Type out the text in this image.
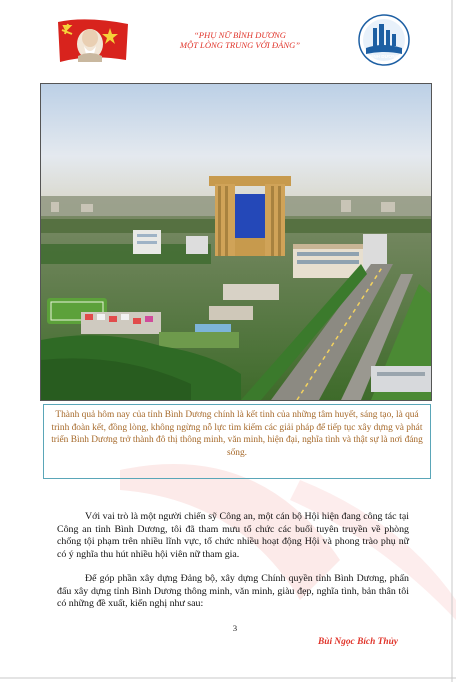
“PHỤ NỮ BÌNH DƯƠNG
MỘT LÒNG TRUNG VỚI ĐẢNG”
BÌNH DƯƠNG
Thành quả hôm nay của tỉnh Bình Dương chính là kết tinh của những tâm huyết, sáng tạo, là quá trình đoàn kết, đồng lòng, không ngừng nỗ lực tìm kiếm các giải pháp để tiếp tục xây dựng và phát triển Bình Dương trở thành đô thị thông minh, văn minh, hiện đại, nghĩa tình và thật sự là nơi đáng sống.
Với vai trò là một người chiến sỹ Công an, một cán bộ Hội hiện đang công tác tại Công an tỉnh Bình Dương, tôi đã tham mưu tổ chức các buổi tuyên truyền về phòng chống tội phạm trên nhiều lĩnh vực, tổ chức nhiều hoạt động Hội và phong trào phụ nữ có ý nghĩa thu hút nhiều hội viên nữ tham gia.
Để góp phần xây dựng Đảng bộ, xây dựng Chính quyền tỉnh Bình Dương, phấn đấu xây dựng tỉnh Bình Dương thông minh, văn minh, giàu đẹp, nghĩa tình, bản thân tôi có những đề xuất, kiến nghị như sau:
3
Bùi Ngọc Bích Thủy
